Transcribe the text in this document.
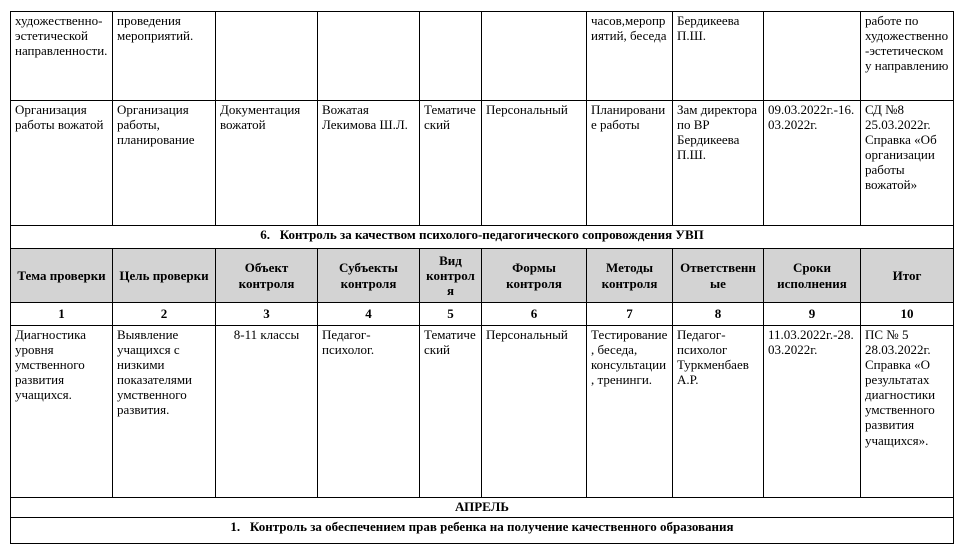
художественно-эстетической направленности.	проведения мероприятий.					часов,мероприятий, беседа	Бердикеева П.Ш.		работе по художественно-эстетическому направлению
Организация работы вожатой	Организация работы, планирование	Документация вожатой	Вожатая Лекимова Ш.Л.	Тематический	Персональный	Планирование работы	Зам директора по ВР Бердикеева П.Ш.	09.03.2022г.-16.03.2022г.	СД №8 25.03.2022г. Справка «Об организации работы вожатой»
6.   Контроль за качеством психолого-педагогического сопровождения УВП									
Тема проверки	Цель проверки	Объект контроля	Субъекты контроля	Вид контроля	Формы контроля	Методы контроля	Ответственные	Сроки исполнения	Итог
1	2	3	4	5	6	7	8	9	10
Диагностика уровня умственного развития учащихся.	Выявление учащихся с низкими показателями умственного развития.	8-11 классы	Педагог-психолог.	Тематический	Персональный	Тестирование, беседа, консультации, тренинги.	Педагог-психолог Туркменбаев А.Р.	11.03.2022г.-28.03.2022г.	ПС № 5 28.03.2022г. Справка «О результатах диагностики умственного развития учащихся».
АПРЕЛЬ									
1.   Контроль за обеспечением прав ребенка на получение качественного образования									
